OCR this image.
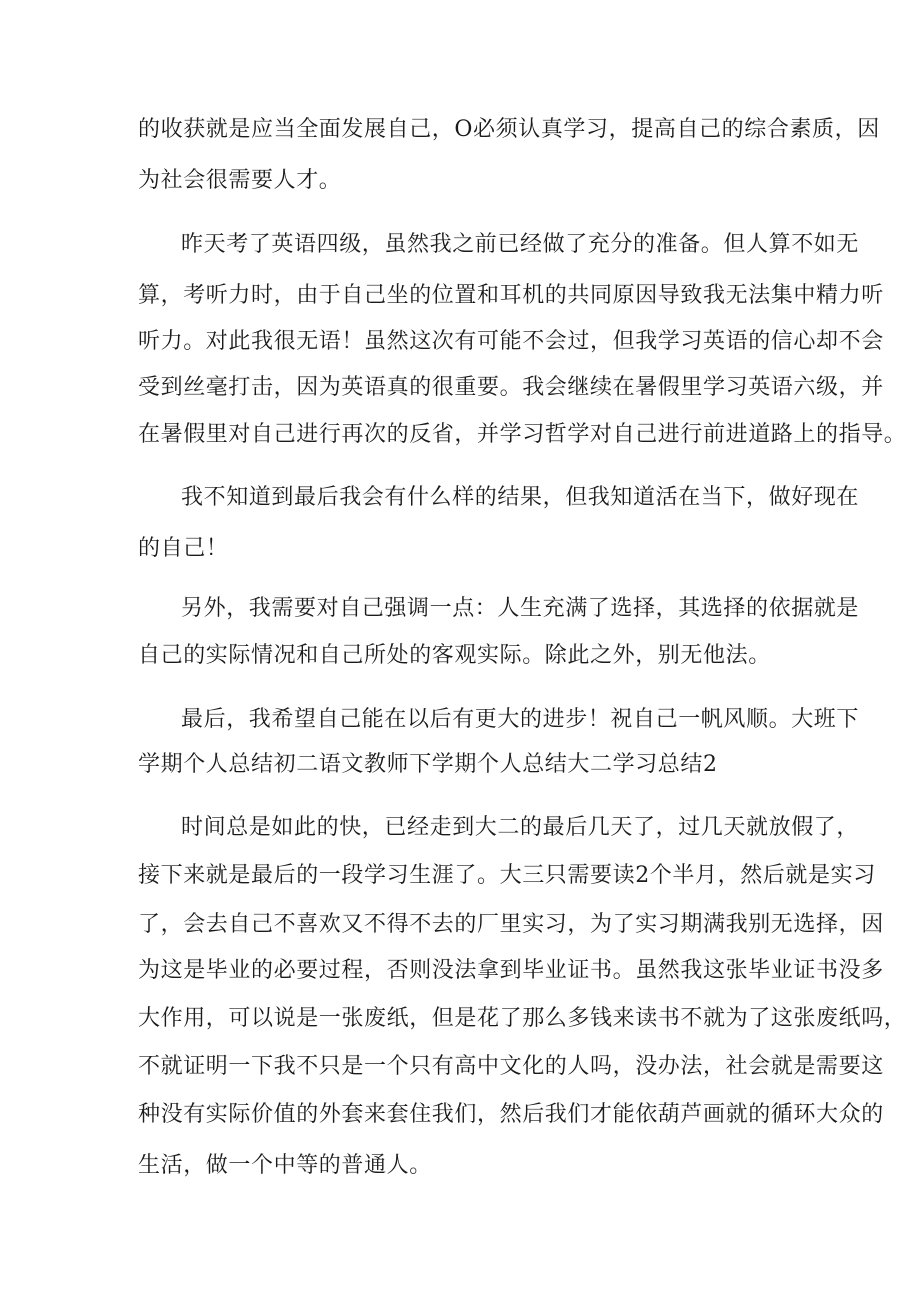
的收获就是应当全面发展自己，O必须认真学习，提高自己的综合素质，因
为社会很需要人才。
昨天考了英语四级，虽然我之前已经做了充分的准备。但人算不如无
算，考听力时，由于自己坐的位置和耳机的共同原因导致我无法集中精力听
听力。对此我很无语！虽然这次有可能不会过，但我学习英语的信心却不会
受到丝毫打击，因为英语真的很重要。我会继续在暑假里学习英语六级，并
在暑假里对自己进行再次的反省，并学习哲学对自己进行前进道路上的指导。
我不知道到最后我会有什么样的结果，但我知道活在当下，做好现在
的自己！
另外，我需要对自己强调一点：人生充满了选择，其选择的依据就是
自己的实际情况和自己所处的客观实际。除此之外，别无他法。
最后，我希望自己能在以后有更大的进步！祝自己一帆风顺。大班下
学期个人总结初二语文教师下学期个人总结大二学习总结2
时间总是如此的快，已经走到大二的最后几天了，过几天就放假了，
接下来就是最后的一段学习生涯了。大三只需要读2个半月，然后就是实习
了，会去自己不喜欢又不得不去的厂里实习，为了实习期满我别无选择，因
为这是毕业的必要过程，否则没法拿到毕业证书。虽然我这张毕业证书没多
大作用，可以说是一张废纸，但是花了那么多钱来读书不就为了这张废纸吗，
不就证明一下我不只是一个只有高中文化的人吗，没办法，社会就是需要这
种没有实际价值的外套来套住我们，然后我们才能依葫芦画就的循环大众的
生活，做一个中等的普通人。
